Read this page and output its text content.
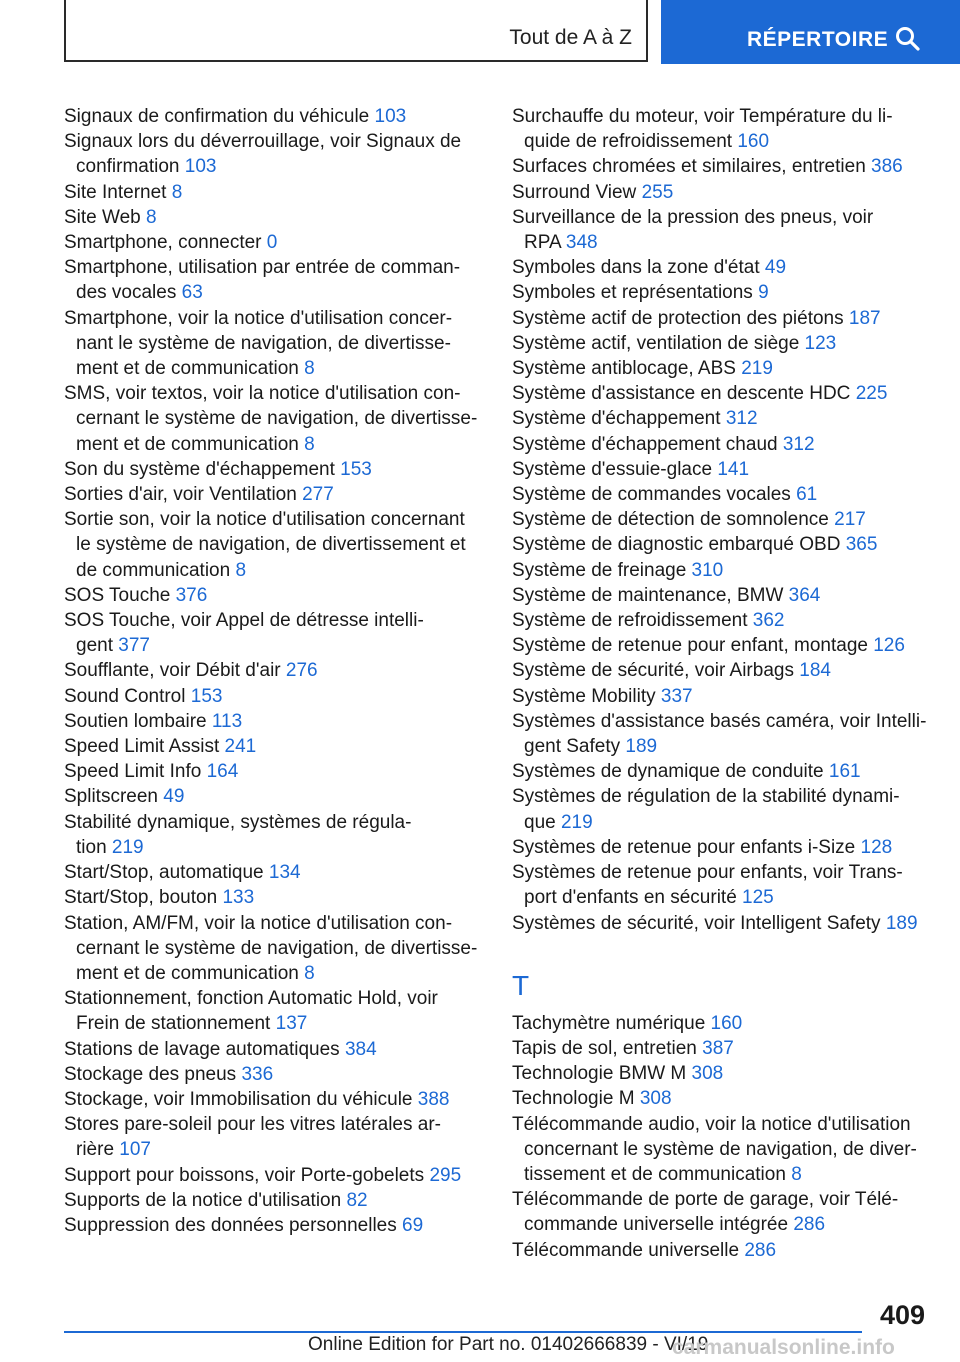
Tout de A à Z	RÉPERTOIRE
Signaux de confirmation du véhicule 103
Signaux lors du déverrouillage, voir Signaux de
confirmation 103
Site Internet 8
Site Web 8
Smartphone, connecter 0
Smartphone, utilisation par entrée de comman‐
des vocales 63
Smartphone, voir la notice d'utilisation concer‐
nant le système de navigation, de divertisse‐
ment et de communication 8
SMS, voir textos, voir la notice d'utilisation con‐
cernant le système de navigation, de divertisse‐
ment et de communication 8
Son du système d'échappement 153
Sorties d'air, voir Ventilation 277
Sortie son, voir la notice d'utilisation concernant
le système de navigation, de divertissement et
de communication 8
SOS Touche 376
SOS Touche, voir Appel de détresse intelli‐
gent 377
Soufflante, voir Débit d'air 276
Sound Control 153
Soutien lombaire 113
Speed Limit Assist 241
Speed Limit Info 164
Splitscreen 49
Stabilité dynamique, systèmes de régula‐
tion 219
Start/Stop, automatique 134
Start/Stop, bouton 133
Station, AM/FM, voir la notice d'utilisation con‐
cernant le système de navigation, de divertisse‐
ment et de communication 8
Stationnement, fonction Automatic Hold, voir
Frein de stationnement 137
Stations de lavage automatiques 384
Stockage des pneus 336
Stockage, voir Immobilisation du véhicule 388
Stores pare-soleil pour les vitres latérales ar‐
rière 107
Support pour boissons, voir Porte-gobelets 295
Supports de la notice d'utilisation 82
Suppression des données personnelles 69
Surchauffe du moteur, voir Température du li‐
quide de refroidissement 160
Surfaces chromées et similaires, entretien 386
Surround View 255
Surveillance de la pression des pneus, voir
RPA 348
Symboles dans la zone d'état 49
Symboles et représentations 9
Système actif de protection des piétons 187
Système actif, ventilation de siège 123
Système antiblocage, ABS 219
Système d'assistance en descente HDC 225
Système d'échappement 312
Système d'échappement chaud 312
Système d'essuie-glace 141
Système de commandes vocales 61
Système de détection de somnolence 217
Système de diagnostic embarqué OBD 365
Système de freinage 310
Système de maintenance, BMW 364
Système de refroidissement 362
Système de retenue pour enfant, montage 126
Système de sécurité, voir Airbags 184
Système Mobility 337
Systèmes d'assistance basés caméra, voir Intelli‐
gent Safety 189
Systèmes de dynamique de conduite 161
Systèmes de régulation de la stabilité dynami‐
que 219
Systèmes de retenue pour enfants i-Size 128
Systèmes de retenue pour enfants, voir Trans‐
port d'enfants en sécurité 125
Systèmes de sécurité, voir Intelligent Safety 189
T
Tachymètre numérique 160
Tapis de sol, entretien 387
Technologie BMW M 308
Technologie M 308
Télécommande audio, voir la notice d'utilisation
concernant le système de navigation, de diver‐
tissement et de communication 8
Télécommande de porte de garage, voir Télé‐
commande universelle intégrée 286
Télécommande universelle 286
409
Online Edition for Part no. 01402666839 - VI/19
carmanualsonline.info
